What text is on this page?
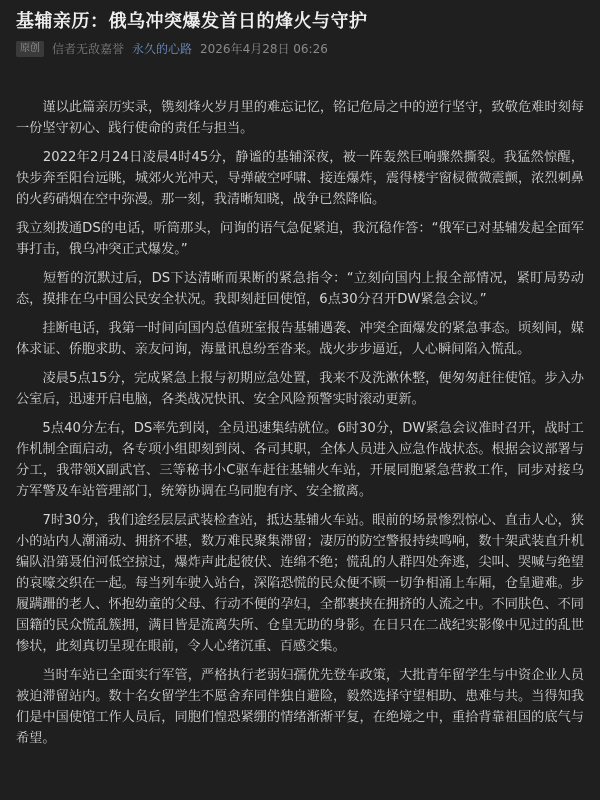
基辅亲历：俄乌冲突爆发首日的烽火与守护
原创	信者无敌嘉誉 永久的心路 2026年4月28日 06:26

　　谨以此篇亲历实录，镌刻烽火岁月里的难忘记忆，铭记危局之中的逆行坚守，致敬危难时刻每一份坚守初心、践行使命的责任与担当。

　　2022年2月24日凌晨4时45分，静谧的基辅深夜，被一阵轰然巨响骤然撕裂。我猛然惊醒，快步奔至阳台远眺，城郊火光冲天，导弹破空呼啸、接连爆炸，震得楼宇窗棂微微震颤，浓烈刺鼻的火药硝烟在空中弥漫。那一刻，我清晰知晓，战争已然降临。

我立刻拨通DS的电话，听筒那头，问询的语气急促紧迫，我沉稳作答：“俄军已对基辅发起全面军事打击，俄乌冲突正式爆发。”

　　短暂的沉默过后，DS下达清晰而果断的紧急指令：“立刻向国内上报全部情况，紧盯局势动态，摸排在乌中国公民安全状况。我即刻赶回使馆，6点30分召开DW紧急会议。”

　　挂断电话，我第一时间向国内总值班室报告基辅遇袭、冲突全面爆发的紧急事态。顷刻间，媒体求证、侨胞求助、亲友问询，海量讯息纷至沓来。战火步步逼近，人心瞬间陷入慌乱。

　　凌晨5点15分，完成紧急上报与初期应急处置，我来不及洗漱休整，便匆匆赶往使馆。步入办公室后，迅速开启电脑，各类战况快讯、安全风险预警实时滚动更新。

　　5点40分左右，DS率先到岗，全员迅速集结就位。6时30分，DW紧急会议准时召开，战时工作机制全面启动，各专项小组即刻到岗、各司其职，全体人员进入应急作战状态。根据会议部署与分工，我带领X副武官、三等秘书小C驱车赶往基辅火车站，开展同胞紧急营救工作，同步对接乌方军警及车站管理部门，统筹协调在乌同胞有序、安全撤离。

　　7时30分，我们途经层层武装检查站，抵达基辅火车站。眼前的场景惨烈惊心、直击人心，狭小的站内人潮涌动、拥挤不堪，数万难民聚集滞留；凄厉的防空警报持续鸣响，数十架武装直升机编队沿第聂伯河低空掠过，爆炸声此起彼伏、连绵不绝；慌乱的人群四处奔逃，尖叫、哭喊与绝望的哀嚎交织在一起。每当列车驶入站台，深陷恐慌的民众便不顾一切争相涌上车厢，仓皇避难。步履蹒跚的老人、怀抱幼童的父母、行动不便的孕妇，全都裹挟在拥挤的人流之中。不同肤色、不同国籍的民众慌乱簇拥，满目皆是流离失所、仓皇无助的身影。在日只在二战纪实影像中见过的乱世惨状，此刻真切呈现在眼前，令人心绪沉重、百感交集。

　　当时车站已全面实行军管，严格执行老弱妇孺优先登车政策，大批青年留学生与中资企业人员被迫滞留站内。数十名女留学生不愿舍弃同伴独自避险，毅然选择守望相助、患难与共。当得知我们是中国使馆工作人员后，同胞们惶恐紧绷的情绪渐渐平复，在绝境之中，重拾背靠祖国的底气与希望。
